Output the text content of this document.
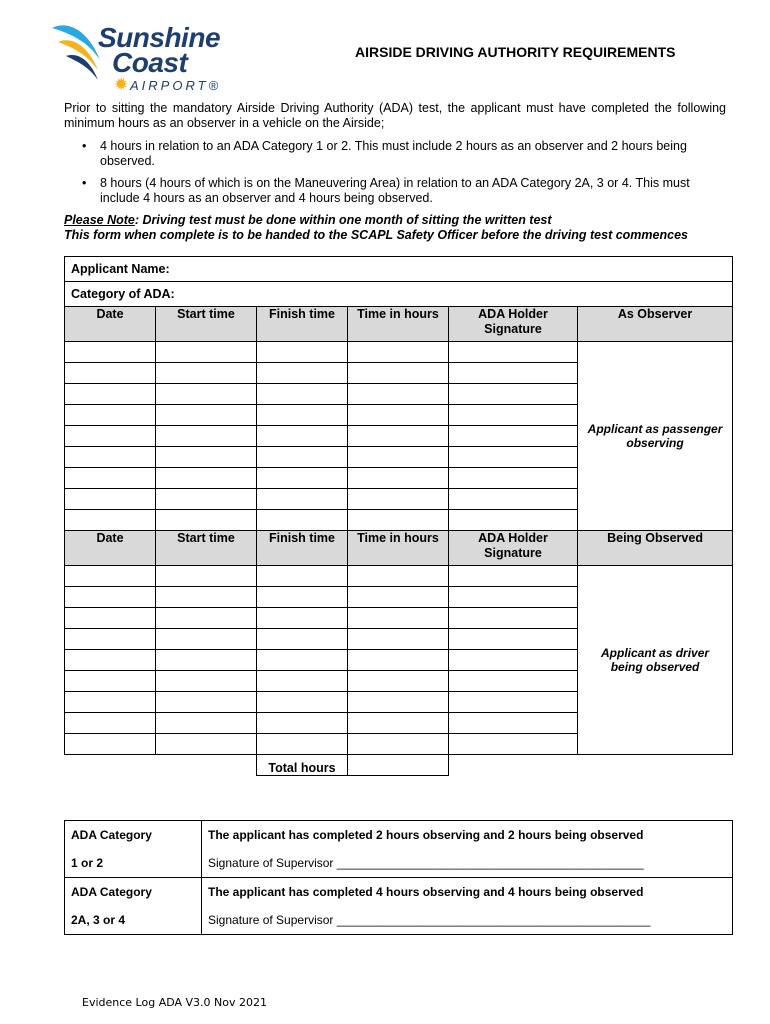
Sunshine
Coast
✹ AIRPORT®
AIRSIDE DRIVING AUTHORITY REQUIREMENTS
Prior to sitting the mandatory Airside Driving Authority (ADA) test, the applicant must have completed the following minimum hours as an observer in a vehicle on the Airside;
•	4 hours in relation to an ADA Category 1 or 2. This must include 2 hours as an observer and 2 hours being observed.
•	8 hours (4 hours of which is on the Maneuvering Area) in relation to an ADA Category 2A, 3 or 4. This must include 4 hours as an observer and 4 hours being observed.
Please Note: Driving test must be done within one month of sitting the written test
This form when complete is to be handed to the SCAPL Safety Officer before the driving test commences
Applicant Name:					
Category of ADA:					
Date	Start time	Finish time	Time in hours	ADA Holder Signature	As Observer
					Applicant as passenger observing

Date	Start time	Finish time	Time in hours	ADA Holder Signature	Being Observed
					Applicant as driver being observed

		Total hours			
ADA Category	The applicant has completed 2 hours observing and 2 hours being observed
1 or 2	Signature of Supervisor ______________________________________________
ADA Category	The applicant has completed 4 hours observing and 4 hours being observed
2A, 3 or 4	Signature of Supervisor _______________________________________________
Evidence Log ADA V3.0 Nov 2021
